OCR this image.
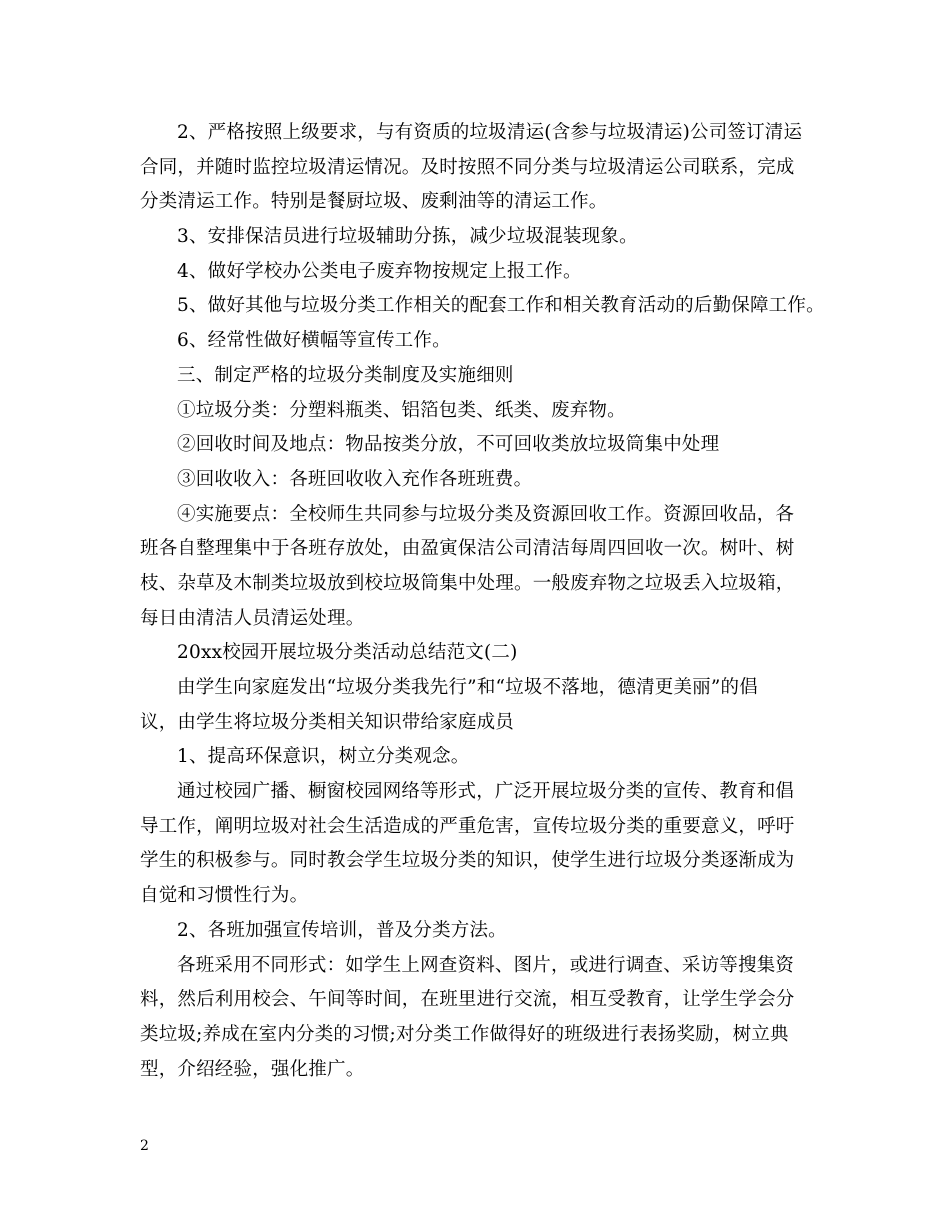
2、严格按照上级要求，与有资质的垃圾清运(含参与垃圾清运)公司签订清运
合同，并随时监控垃圾清运情况。及时按照不同分类与垃圾清运公司联系，完成
分类清运工作。特别是餐厨垃圾、废剩油等的清运工作。
3、安排保洁员进行垃圾辅助分拣，减少垃圾混装现象。
4、做好学校办公类电子废弃物按规定上报工作。
5、做好其他与垃圾分类工作相关的配套工作和相关教育活动的后勤保障工作。
6、经常性做好横幅等宣传工作。
三、制定严格的垃圾分类制度及实施细则
①垃圾分类：分塑料瓶类、铝箔包类、纸类、废弃物。
②回收时间及地点：物品按类分放，不可回收类放垃圾筒集中处理
③回收收入：各班回收收入充作各班班费。
④实施要点：全校师生共同参与垃圾分类及资源回收工作。资源回收品，各
班各自整理集中于各班存放处，由盈寅保洁公司清洁每周四回收一次。树叶、树
枝、杂草及木制类垃圾放到校垃圾筒集中处理。一般废弃物之垃圾丢入垃圾箱，
每日由清洁人员清运处理。
20xx校园开展垃圾分类活动总结范文(二)
由学生向家庭发出“垃圾分类我先行”和“垃圾不落地，德清更美丽”的倡
议，由学生将垃圾分类相关知识带给家庭成员
1、提高环保意识，树立分类观念。
通过校园广播、橱窗校园网络等形式，广泛开展垃圾分类的宣传、教育和倡
导工作，阐明垃圾对社会生活造成的严重危害，宣传垃圾分类的重要意义，呼吁
学生的积极参与。同时教会学生垃圾分类的知识，使学生进行垃圾分类逐渐成为
自觉和习惯性行为。
2、各班加强宣传培训，普及分类方法。
各班采用不同形式：如学生上网查资料、图片，或进行调查、采访等搜集资
料，然后利用校会、午间等时间，在班里进行交流，相互受教育，让学生学会分
类垃圾;养成在室内分类的习惯;对分类工作做得好的班级进行表扬奖励，树立典
型，介绍经验，强化推广。
2
